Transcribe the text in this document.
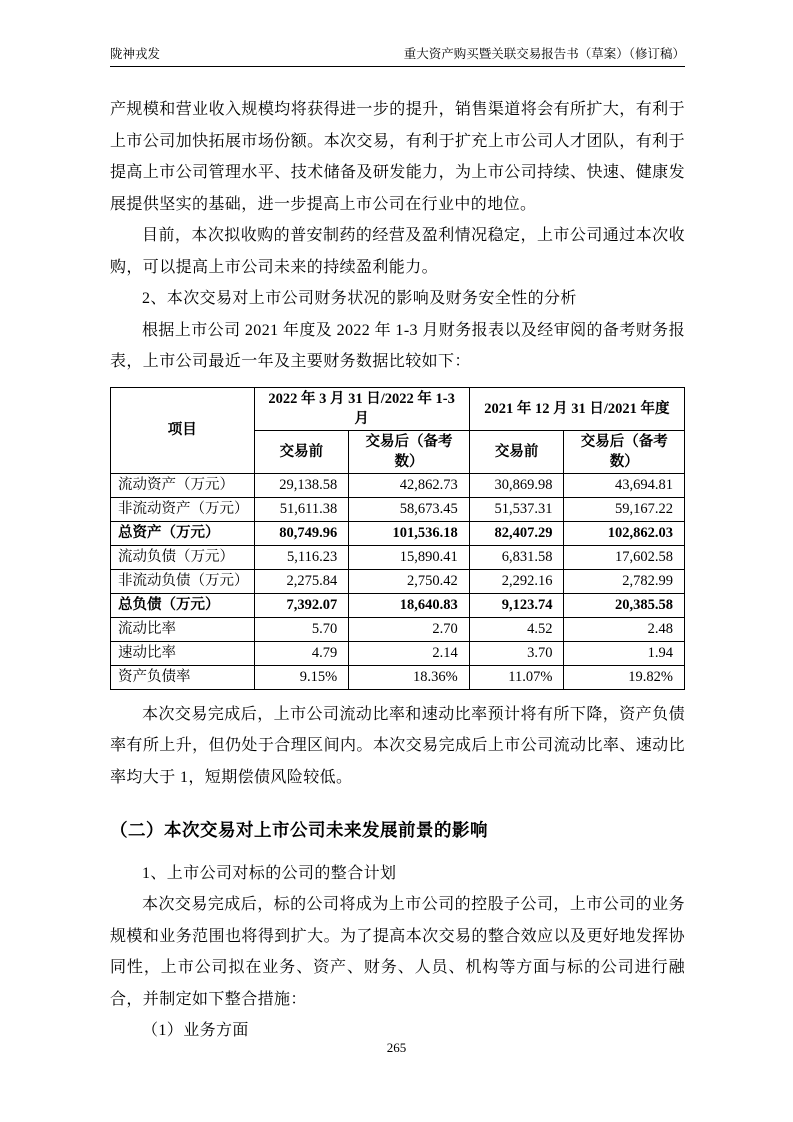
陇神戎发	重大资产购买暨关联交易报告书（草案）（修订稿）

产规模和营业收入规模均将获得进一步的提升，销售渠道将会有所扩大，有利于上市公司加快拓展市场份额。本次交易，有利于扩充上市公司人才团队，有利于提高上市公司管理水平、技术储备及研发能力，为上市公司持续、快速、健康发展提供坚实的基础，进一步提高上市公司在行业中的地位。

目前，本次拟收购的普安制药的经营及盈利情况稳定，上市公司通过本次收购，可以提高上市公司未来的持续盈利能力。

2、本次交易对上市公司财务状况的影响及财务安全性的分析

根据上市公司 2021 年度及 2022 年 1-3 月财务报表以及经审阅的备考财务报表，上市公司最近一年及主要财务数据比较如下：

项目	2022 年 3 月 31 日/2022 年 1-3 月		2021 年 12 月 31 日/2021 年度	
	交易前	交易后（备考数）	交易前	交易后（备考数）
流动资产（万元）	29,138.58	42,862.73	30,869.98	43,694.81
非流动资产（万元）	51,611.38	58,673.45	51,537.31	59,167.22
总资产（万元）	80,749.96	101,536.18	82,407.29	102,862.03
流动负债（万元）	5,116.23	15,890.41	6,831.58	17,602.58
非流动负债（万元）	2,275.84	2,750.42	2,292.16	2,782.99
总负债（万元）	7,392.07	18,640.83	9,123.74	20,385.58
流动比率	5.70	2.70	4.52	2.48
速动比率	4.79	2.14	3.70	1.94
资产负债率	9.15%	18.36%	11.07%	19.82%

本次交易完成后，上市公司流动比率和速动比率预计将有所下降，资产负债率有所上升，但仍处于合理区间内。本次交易完成后上市公司流动比率、速动比率均大于 1，短期偿债风险较低。

（二）本次交易对上市公司未来发展前景的影响

1、上市公司对标的公司的整合计划

本次交易完成后，标的公司将成为上市公司的控股子公司，上市公司的业务规模和业务范围也将得到扩大。为了提高本次交易的整合效应以及更好地发挥协同性，上市公司拟在业务、资产、财务、人员、机构等方面与标的公司进行融合，并制定如下整合措施：

（1）业务方面

265
